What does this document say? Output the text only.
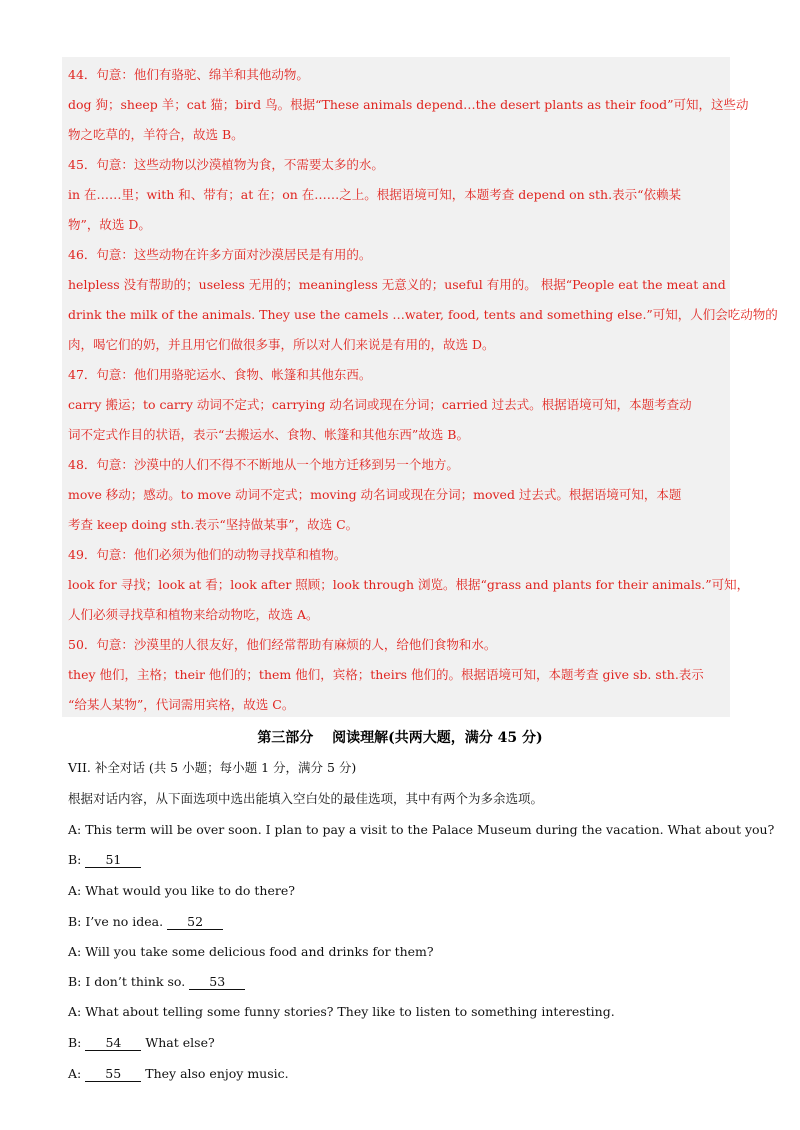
44．句意：他们有骆驼、绵羊和其他动物。
dog 狗；sheep 羊；cat 猫；bird 鸟。根据“These animals depend…the desert plants as their food”可知，这些动
物之吃草的，羊符合，故选 B。
45．句意：这些动物以沙漠植物为食，不需要太多的水。
in 在……里；with 和、带有；at 在；on 在……之上。根据语境可知，本题考查 depend on sth.表示“依赖某
物”，故选 D。
46．句意：这些动物在许多方面对沙漠居民是有用的。
helpless 没有帮助的；useless 无用的；meaningless 无意义的；useful 有用的。 根据“People eat the meat and
drink the milk of the animals. They use the camels …water, food, tents and something else.”可知，人们会吃动物的
肉，喝它们的奶，并且用它们做很多事，所以对人们来说是有用的，故选 D。
47．句意：他们用骆驼运水、食物、帐篷和其他东西。
carry 搬运；to carry 动词不定式；carrying 动名词或现在分词；carried 过去式。根据语境可知，本题考查动
词不定式作目的状语，表示“去搬运水、食物、帐篷和其他东西”故选 B。
48．句意：沙漠中的人们不得不不断地从一个地方迁移到另一个地方。
move 移动；感动。to move 动词不定式；moving 动名词或现在分词；moved 过去式。根据语境可知，本题
考查 keep doing sth.表示“坚持做某事”，故选 C。
49．句意：他们必须为他们的动物寻找草和植物。
look for 寻找；look at 看；look after 照顾；look through 浏览。根据“grass and plants for their animals.”可知，
人们必须寻找草和植物来给动物吃，故选 A。
50．句意：沙漠里的人很友好，他们经常帮助有麻烦的人，给他们食物和水。
they 他们，主格；their 他们的；them 他们，宾格；theirs 他们的。根据语境可知，本题考查 give sb. sth.表示
“给某人某物”，代词需用宾格，故选 C。
第三部分　 阅读理解(共两大题，满分 45 分)
VII. 补全对话 (共 5 小题；每小题 1 分，满分 5 分)
根据对话内容，从下面选项中选出能填入空白处的最佳选项，其中有两个为多余选项。
A: This term will be over soon. I plan to pay a visit to the Palace Museum during the vacation. What about you?
B: 51
A: What would you like to do there?
B: I’ve no idea. 52
A: Will you take some delicious food and drinks for them?
B: I don’t think so. 53
A: What about telling some funny stories? They like to listen to something interesting.
B: 54 What else?
A: 55 They also enjoy music.
